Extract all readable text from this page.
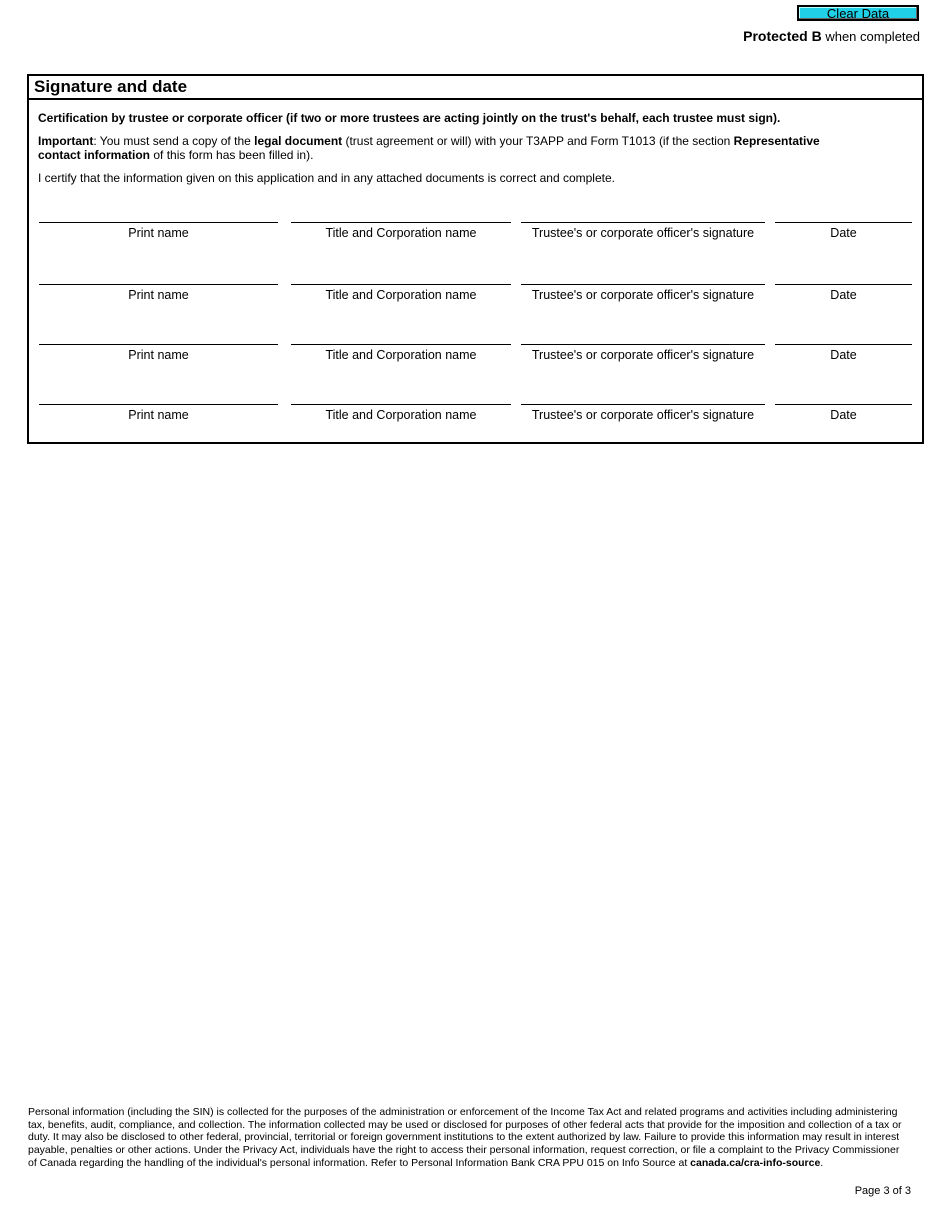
Clear Data
Protected B when completed
Signature and date
Certification by trustee or corporate officer (if two or more trustees are acting jointly on the trust's behalf, each trustee must sign).
Important: You must send a copy of the legal document (trust agreement or will) with your T3APP and Form T1013 (if the section Representative contact information of this form has been filled in).
I certify that the information given on this application and in any attached documents is correct and complete.
Print name	Title and Corporation name	Trustee's or corporate officer's signature	Date
Print name	Title and Corporation name	Trustee's or corporate officer's signature	Date
Print name	Title and Corporation name	Trustee's or corporate officer's signature	Date
Print name	Title and Corporation name	Trustee's or corporate officer's signature	Date
Personal information (including the SIN) is collected for the purposes of the administration or enforcement of the Income Tax Act and related programs and activities including administering tax, benefits, audit, compliance, and collection. The information collected may be used or disclosed for purposes of other federal acts that provide for the imposition and collection of a tax or duty. It may also be disclosed to other federal, provincial, territorial or foreign government institutions to the extent authorized by law. Failure to provide this information may result in interest payable, penalties or other actions. Under the Privacy Act, individuals have the right to access their personal information, request correction, or file a complaint to the Privacy Commissioner of Canada regarding the handling of the individual's personal information. Refer to Personal Information Bank CRA PPU 015 on Info Source at canada.ca/cra-info-source.
Page 3 of 3
